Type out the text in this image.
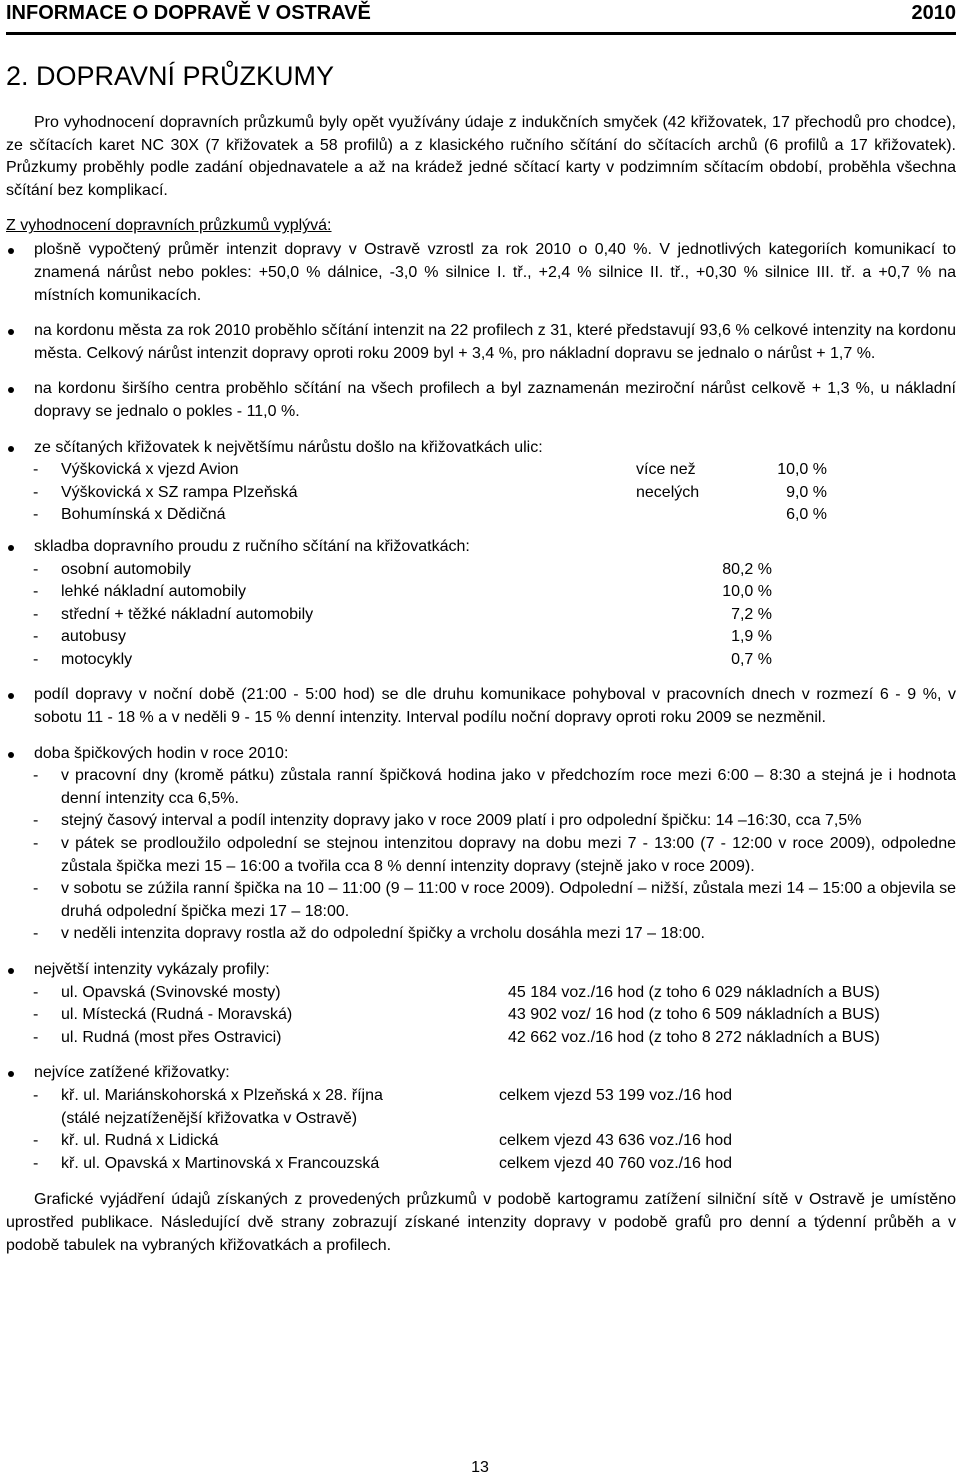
INFORMACE O DOPRAVĚ V OSTRAVĚ	2010
2. DOPRAVNÍ PRŮZKUMY

Pro vyhodnocení dopravních průzkumů byly opět využívány údaje z indukčních smyček (42 křižovatek, 17 přechodů pro chodce), ze sčítacích karet NC 30X (7 křižovatek a 58 profilů) a z klasického ručního sčítání do sčítacích archů (6 profilů a 17 křižovatek). Průzkumy proběhly podle zadání objednavatele a až na krádež jedné sčítací karty v podzimním sčítacím období, proběhla všechna sčítání bez komplikací.

Z vyhodnocení dopravních průzkumů vyplývá:
plošně vypočtený průměr intenzit dopravy v Ostravě vzrostl za rok 2010 o 0,40 %. V jednotlivých kategoriích komunikací to znamená nárůst nebo pokles: +50,0 % dálnice, -3,0 % silnice I. tř., +2,4 % silnice II. tř., +0,30 % silnice III. tř. a +0,7 % na místních komunikacích.
na kordonu města za rok 2010 proběhlo sčítání intenzit na 22 profilech z 31, které představují 93,6 % celkové intenzity na kordonu města. Celkový nárůst intenzit dopravy oproti roku 2009 byl + 3,4 %, pro nákladní dopravu se jednalo o nárůst + 1,7 %.
na kordonu širšího centra proběhlo sčítání na všech profilech a byl zaznamenán meziroční nárůst celkově + 1,3 %, u nákladní dopravy se jednalo o pokles - 11,0 %.
ze sčítaných křižovatek k největšímu nárůstu došlo na křižovatkách ulic:
- Výškovická x vjezd Avion	více než	10,0 %
- Výškovická x SZ rampa Plzeňská	necelých	9,0 %
- Bohumínská x Dědičná	6,0 %
skladba dopravního proudu z ručního sčítání na křižovatkách:
- osobní automobily	80,2 %
- lehké nákladní automobily	10,0 %
- střední + těžké nákladní automobily	7,2 %
- autobusy	1,9 %
- motocykly	0,7 %
podíl dopravy v noční době (21:00 - 5:00 hod) se dle druhu komunikace pohyboval v pracovních dnech v rozmezí 6 - 9 %, v sobotu 11 - 18 % a v neděli 9 - 15 % denní intenzity. Interval podílu noční dopravy oproti roku 2009 se nezměnil.
doba špičkových hodin v roce 2010:
- v pracovní dny (kromě pátku) zůstala ranní špičková hodina jako v předchozím roce mezi 6:00 – 8:30 a stejná je i hodnota denní intenzity cca 6,5%.
- stejný časový interval a podíl intenzity dopravy jako v roce 2009 platí i pro odpolední špičku: 14 –16:30, cca 7,5%
- v pátek se prodloužilo odpolední se stejnou intenzitou dopravy na dobu mezi 7 - 13:00 (7 - 12:00 v roce 2009), odpoledne zůstala špička mezi 15 – 16:00 a tvořila cca 8 % denní intenzity dopravy (stejně jako v roce 2009).
- v sobotu se zúžila ranní špička na 10 – 11:00 (9 – 11:00 v roce 2009). Odpolední – nižší, zůstala mezi 14 – 15:00 a objevila se druhá odpolední špička mezi 17 – 18:00.
- v neděli intenzita dopravy rostla až do odpolední špičky a vrcholu dosáhla mezi 17 – 18:00.
největší intenzity vykázaly profily:
- ul. Opavská (Svinovské mosty)	45 184 voz./16 hod (z toho 6 029 nákladních a BUS)
- ul. Místecká (Rudná - Moravská)	43 902 voz/ 16 hod (z toho 6 509 nákladních a BUS)
- ul. Rudná (most přes Ostravici)	42 662 voz./16 hod (z toho 8 272 nákladních a BUS)
nejvíce zatížené křižovatky:
- kř. ul. Mariánskohorská x Plzeňská x 28. října	celkem vjezd 53 199 voz./16 hod
(stálé nejzatíženější křižovatka v Ostravě)
- kř. ul. Rudná x Lidická	celkem vjezd 43 636 voz./16 hod
- kř. ul. Opavská x Martinovská x Francouzská	celkem vjezd 40 760 voz./16 hod

Grafické vyjádření údajů získaných z provedených průzkumů v podobě kartogramu zatížení silniční sítě v Ostravě je umístěno uprostřed publikace. Následující dvě strany zobrazují získané intenzity dopravy v podobě grafů pro denní a týdenní průběh a v podobě tabulek na vybraných křižovatkách a profilech.

13
